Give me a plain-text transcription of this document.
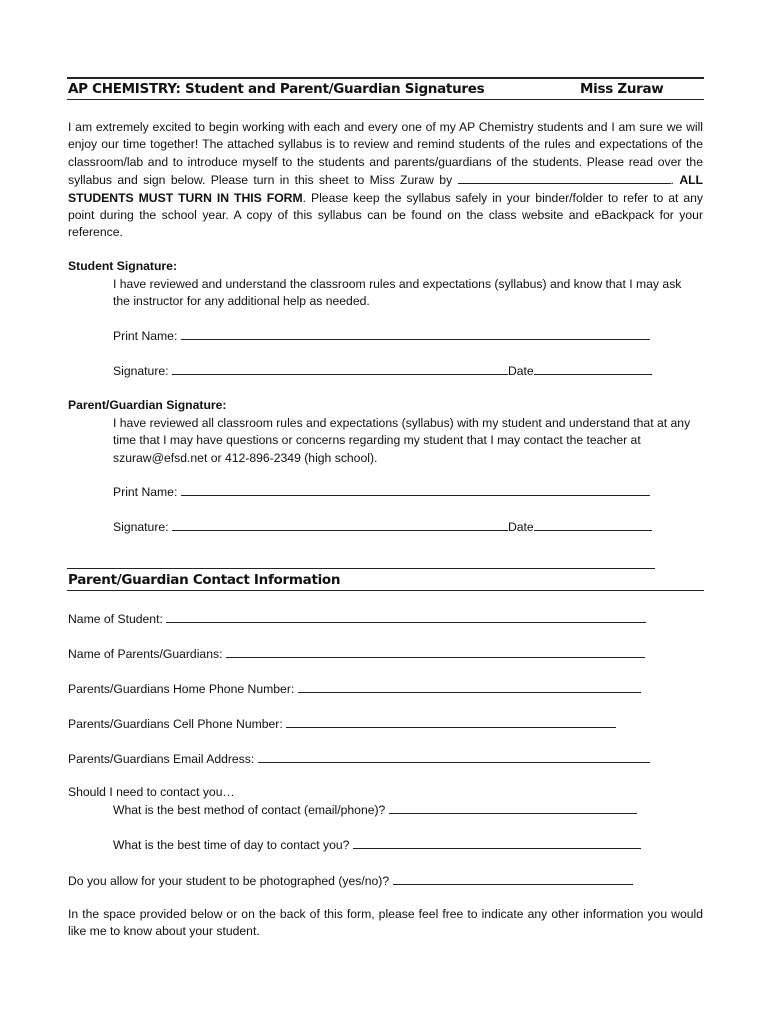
AP CHEMISTRY: Student and Parent/Guardian Signatures	Miss Zuraw
I am extremely excited to begin working with each and every one of my AP Chemistry students and I am sure we will enjoy our time together! The attached syllabus is to review and remind students of the rules and expectations of the classroom/lab and to introduce myself to the students and parents/guardians of the students. Please read over the syllabus and sign below. Please turn in this sheet to Miss Zuraw by	. ALL STUDENTS MUST TURN IN THIS FORM. Please keep the syllabus safely in your binder/folder to refer to at any point during the school year. A copy of this syllabus can be found on the class website and eBackpack for your reference.
Student Signature:
I have reviewed and understand the classroom rules and expectations (syllabus) and know that I may ask the instructor for any additional help as needed.
Print Name:
Signature:	Date
Parent/Guardian Signature:
I have reviewed all classroom rules and expectations (syllabus) with my student and understand that at any time that I may have questions or concerns regarding my student that I may contact the teacher at szuraw@efsd.net or 412-896-2349 (high school).
Print Name:
Signature:	Date
Parent/Guardian Contact Information
Name of Student:
Name of Parents/Guardians:
Parents/Guardians Home Phone Number:
Parents/Guardians Cell Phone Number:
Parents/Guardians Email Address:
Should I need to contact you…
What is the best method of contact (email/phone)?
What is the best time of day to contact you?
Do you allow for your student to be photographed (yes/no)?
In the space provided below or on the back of this form, please feel free to indicate any other information you would like me to know about your student.
